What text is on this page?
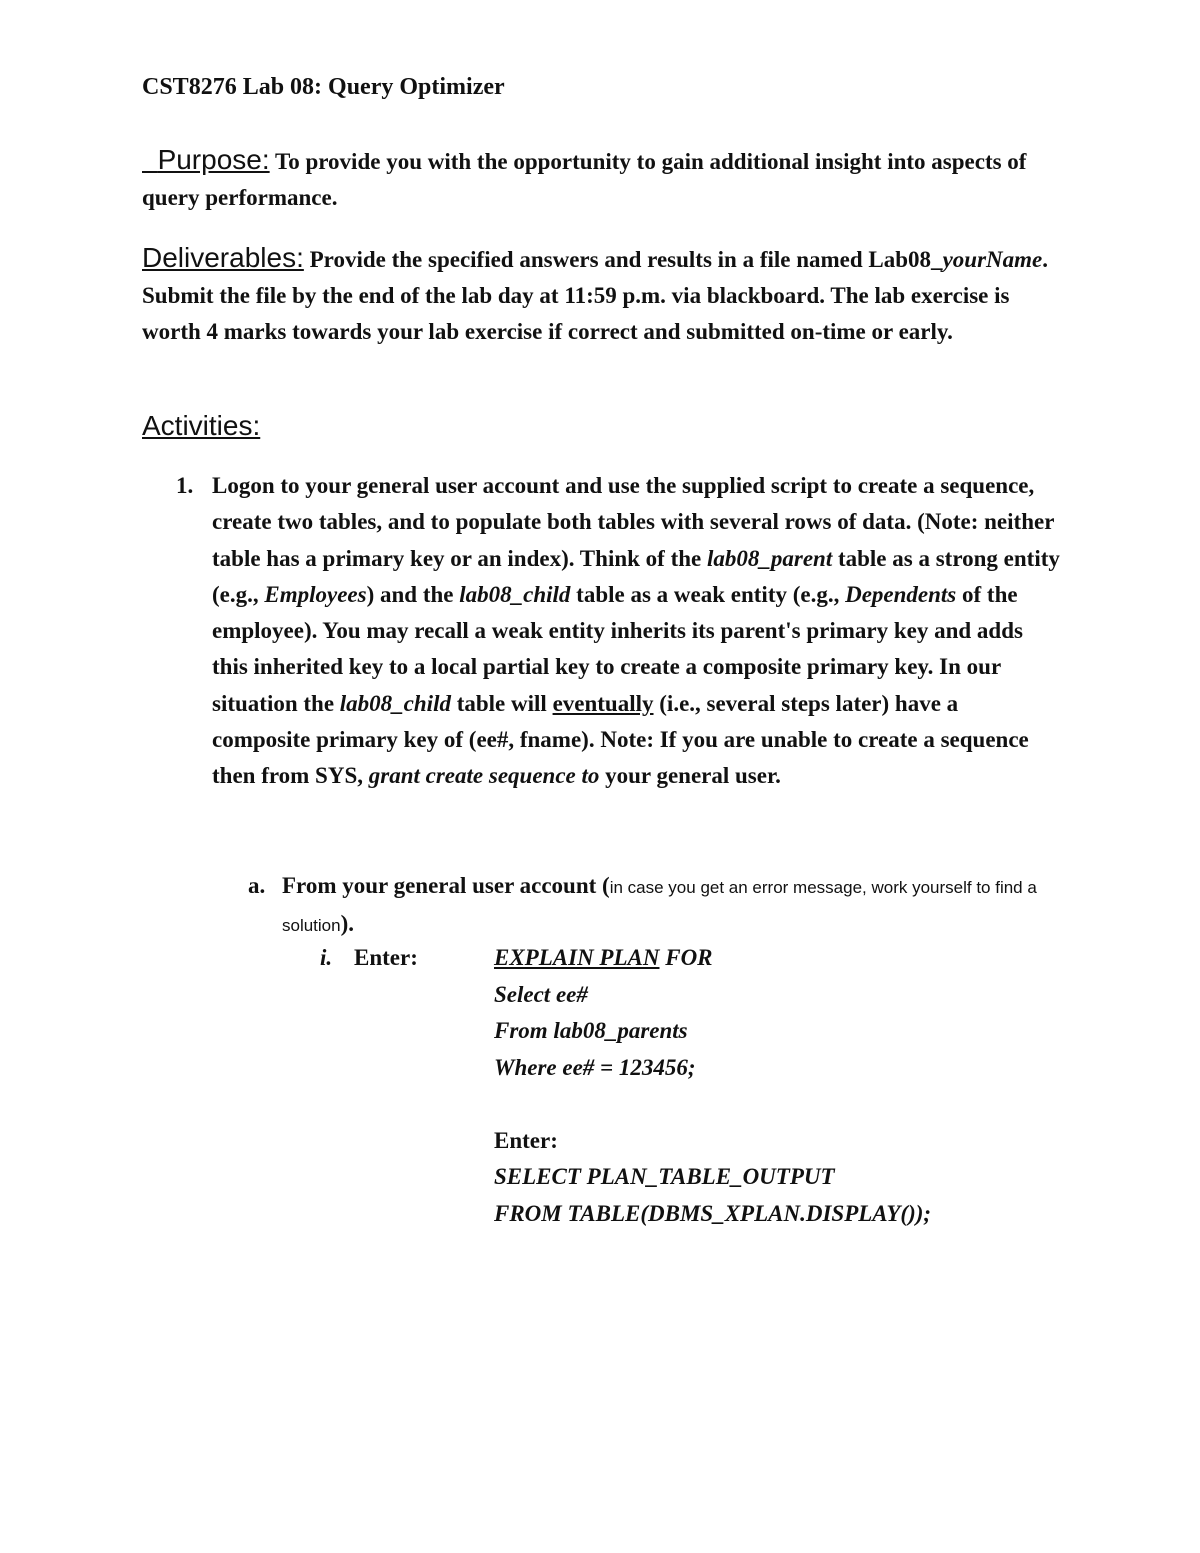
CST8276 Lab 08: Query Optimizer
Purpose: To provide you with the opportunity to gain additional insight into aspects of query performance.
Deliverables: Provide the specified answers and results in a file named Lab08_yourName. Submit the file by the end of the lab day at 11:59 p.m. via blackboard. The lab exercise is worth 4 marks towards your lab exercise if correct and submitted on-time or early.
Activities:
1. Logon to your general user account and use the supplied script to create a sequence, create two tables, and to populate both tables with several rows of data. (Note: neither table has a primary key or an index). Think of the lab08_parent table as a strong entity (e.g., Employees) and the lab08_child table as a weak entity (e.g., Dependents of the employee). You may recall a weak entity inherits its parent's primary key and adds this inherited key to a local partial key to create a composite primary key. In our situation the lab08_child table will eventually (i.e., several steps later) have a composite primary key of (ee#, fname). Note: If you are unable to create a sequence then from SYS, grant create sequence to your general user.
a. From your general user account (in case you get an error message, work yourself to find a solution).
i. Enter:	EXPLAIN PLAN FOR
Select ee#
From lab08_parents
Where ee# = 123456;
Enter:
SELECT PLAN_TABLE_OUTPUT
FROM TABLE(DBMS_XPLAN.DISPLAY());
